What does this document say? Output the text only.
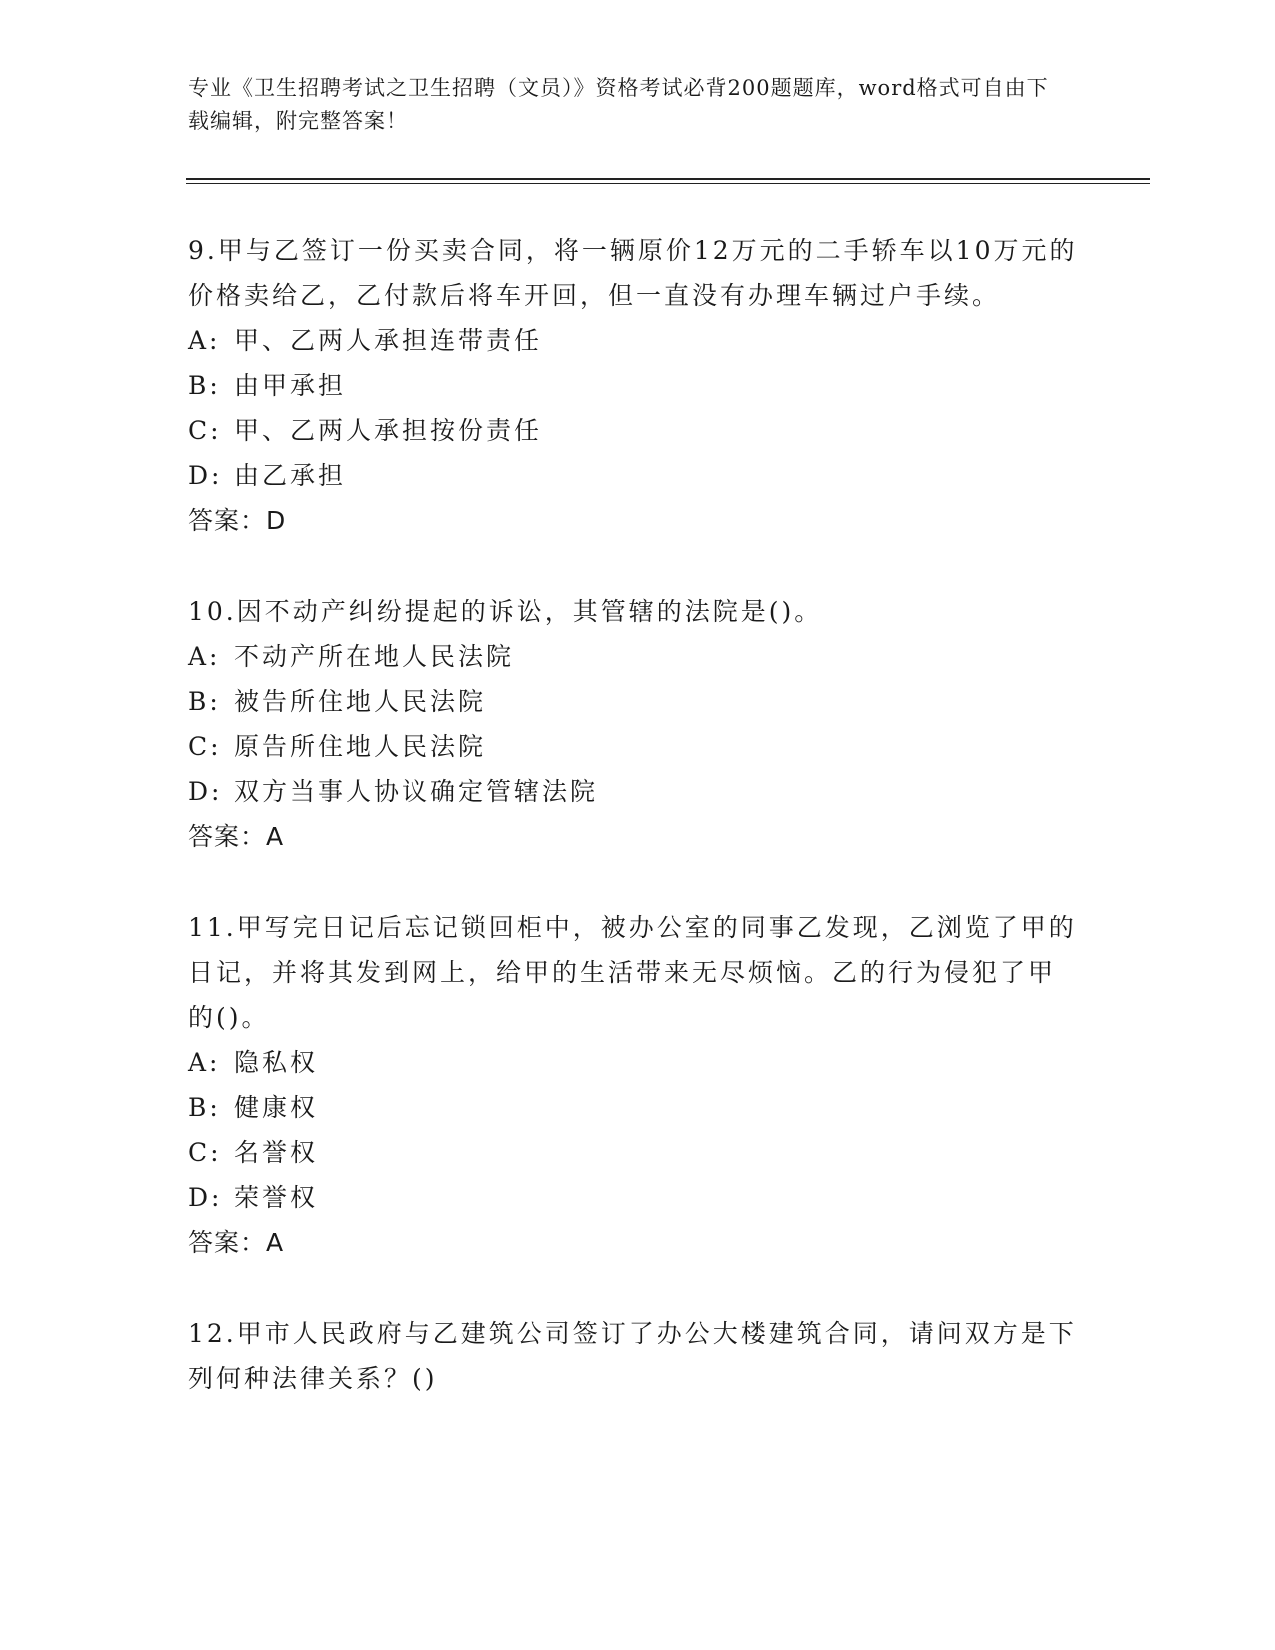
专业《卫生招聘考试之卫生招聘（文员）》资格考试必背200题题库，word格式可自由下载编辑，附完整答案！
9.甲与乙签订一份买卖合同，将一辆原价12万元的二手轿车以10万元的价格卖给乙，乙付款后将车开回，但一直没有办理车辆过户手续。
A: 甲、乙两人承担连带责任
B: 由甲承担
C: 甲、乙两人承担按份责任
D: 由乙承担
答案：D
10.因不动产纠纷提起的诉讼，其管辖的法院是()。
A: 不动产所在地人民法院
B: 被告所住地人民法院
C: 原告所住地人民法院
D: 双方当事人协议确定管辖法院
答案：A
11.甲写完日记后忘记锁回柜中，被办公室的同事乙发现，乙浏览了甲的日记，并将其发到网上，给甲的生活带来无尽烦恼。乙的行为侵犯了甲的()。
A: 隐私权
B: 健康权
C: 名誉权
D: 荣誉权
答案：A
12.甲市人民政府与乙建筑公司签订了办公大楼建筑合同，请问双方是下列何种法律关系？()
